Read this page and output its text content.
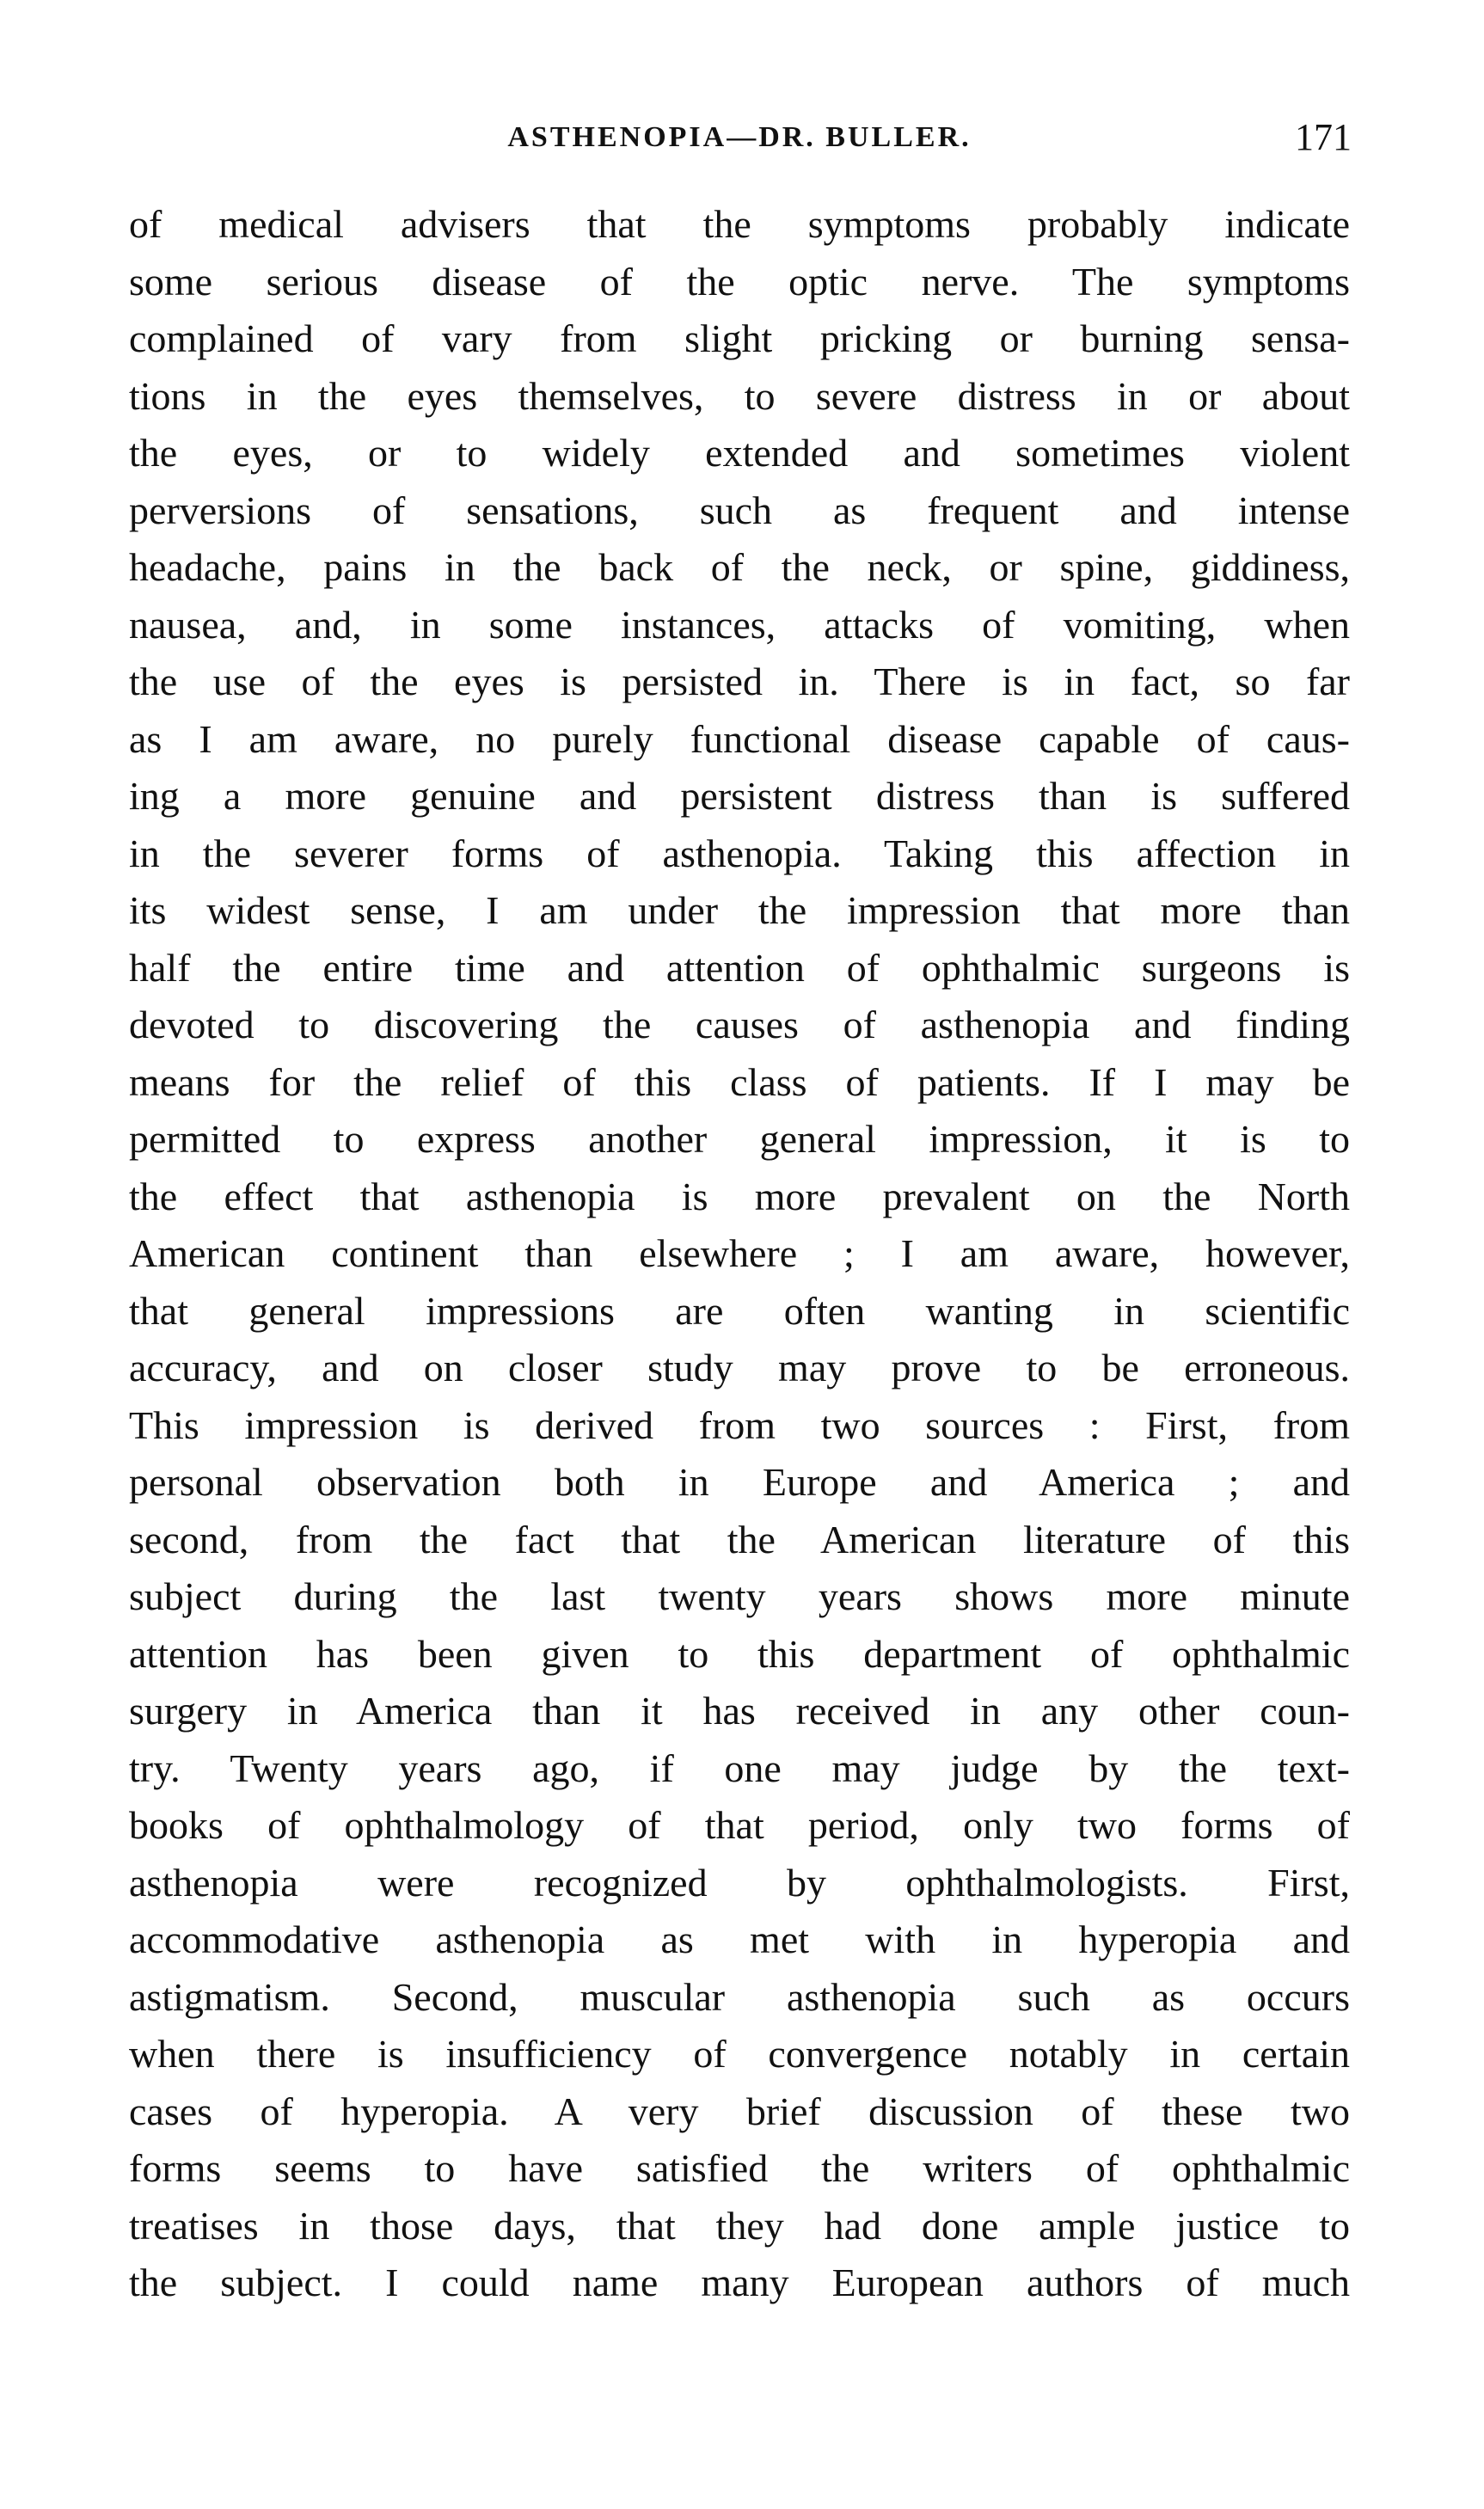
ASTHENOPIA—DR. BULLER.	171
of medical advisers that the symptoms probably indicate
some serious disease of the optic nerve. The symptoms
complained of vary from slight pricking or burning sensa-
tions in the eyes themselves, to severe distress in or about
the eyes, or to widely extended and sometimes violent
perversions of sensations, such as frequent and intense
headache, pains in the back of the neck, or spine, giddiness,
nausea, and, in some instances, attacks of vomiting, when
the use of the eyes is persisted in. There is in fact, so far
as I am aware, no purely functional disease capable of caus-
ing a more genuine and persistent distress than is suffered
in the severer forms of asthenopia. Taking this affection in
its widest sense, I am under the impression that more than
half the entire time and attention of ophthalmic surgeons is
devoted to discovering the causes of asthenopia and finding
means for the relief of this class of patients. If I may be
permitted to express another general impression, it is to
the effect that asthenopia is more prevalent on the North
American continent than elsewhere ; I am aware, however,
that general impressions are often wanting in scientific
accuracy, and on closer study may prove to be erroneous.
This impression is derived from two sources : First, from
personal observation both in Europe and America ; and
second, from the fact that the American literature of this
subject during the last twenty years shows more minute
attention has been given to this department of ophthalmic
surgery in America than it has received in any other coun-
try. Twenty years ago, if one may judge by the text-
books of ophthalmology of that period, only two forms of
asthenopia were recognized by ophthalmologists. First,
accommodative asthenopia as met with in hyperopia and
astigmatism. Second, muscular asthenopia such as occurs
when there is insufficiency of convergence notably in certain
cases of hyperopia. A very brief discussion of these two
forms seems to have satisfied the writers of ophthalmic
treatises in those days, that they had done ample justice to
the subject. I could name many European authors of much
